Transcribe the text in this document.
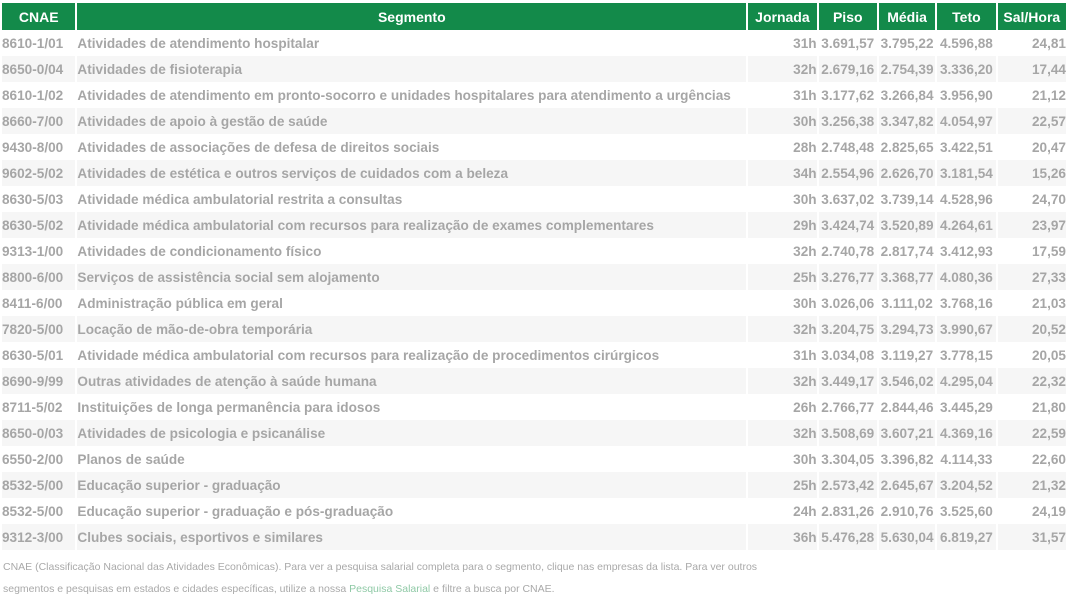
CNAE	Segmento	Jornada	Piso	Média	Teto	Sal/Hora
8610-1/01	Atividades de atendimento hospitalar	31h	3.691,57	3.795,22	4.596,88	24,81
8650-0/04	Atividades de fisioterapia	32h	2.679,16	2.754,39	3.336,20	17,44
8610-1/02	Atividades de atendimento em pronto-socorro e unidades hospitalares para atendimento a urgências	31h	3.177,62	3.266,84	3.956,90	21,12
8660-7/00	Atividades de apoio à gestão de saúde	30h	3.256,38	3.347,82	4.054,97	22,57
9430-8/00	Atividades de associações de defesa de direitos sociais	28h	2.748,48	2.825,65	3.422,51	20,47
9602-5/02	Atividades de estética e outros serviços de cuidados com a beleza	34h	2.554,96	2.626,70	3.181,54	15,26
8630-5/03	Atividade médica ambulatorial restrita a consultas	30h	3.637,02	3.739,14	4.528,96	24,70
8630-5/02	Atividade médica ambulatorial com recursos para realização de exames complementares	29h	3.424,74	3.520,89	4.264,61	23,97
9313-1/00	Atividades de condicionamento físico	32h	2.740,78	2.817,74	3.412,93	17,59
8800-6/00	Serviços de assistência social sem alojamento	25h	3.276,77	3.368,77	4.080,36	27,33
8411-6/00	Administração pública em geral	30h	3.026,06	3.111,02	3.768,16	21,03
7820-5/00	Locação de mão-de-obra temporária	32h	3.204,75	3.294,73	3.990,67	20,52
8630-5/01	Atividade médica ambulatorial com recursos para realização de procedimentos cirúrgicos	31h	3.034,08	3.119,27	3.778,15	20,05
8690-9/99	Outras atividades de atenção à saúde humana	32h	3.449,17	3.546,02	4.295,04	22,32
8711-5/02	Instituições de longa permanência para idosos	26h	2.766,77	2.844,46	3.445,29	21,80
8650-0/03	Atividades de psicologia e psicanálise	32h	3.508,69	3.607,21	4.369,16	22,59
6550-2/00	Planos de saúde	30h	3.304,05	3.396,82	4.114,33	22,60
8532-5/00	Educação superior - graduação	25h	2.573,42	2.645,67	3.204,52	21,32
8532-5/00	Educação superior - graduação e pós-graduação	24h	2.831,26	2.910,76	3.525,60	24,19
9312-3/00	Clubes sociais, esportivos e similares	36h	5.476,28	5.630,04	6.819,27	31,57
CNAE (Classificação Nacional das Atividades Econômicas). Para ver a pesquisa salarial completa para o segmento, clique nas empresas da lista. Para ver outros segmentos e pesquisas em estados e cidades específicas, utilize a nossa Pesquisa Salarial e filtre a busca por CNAE.
